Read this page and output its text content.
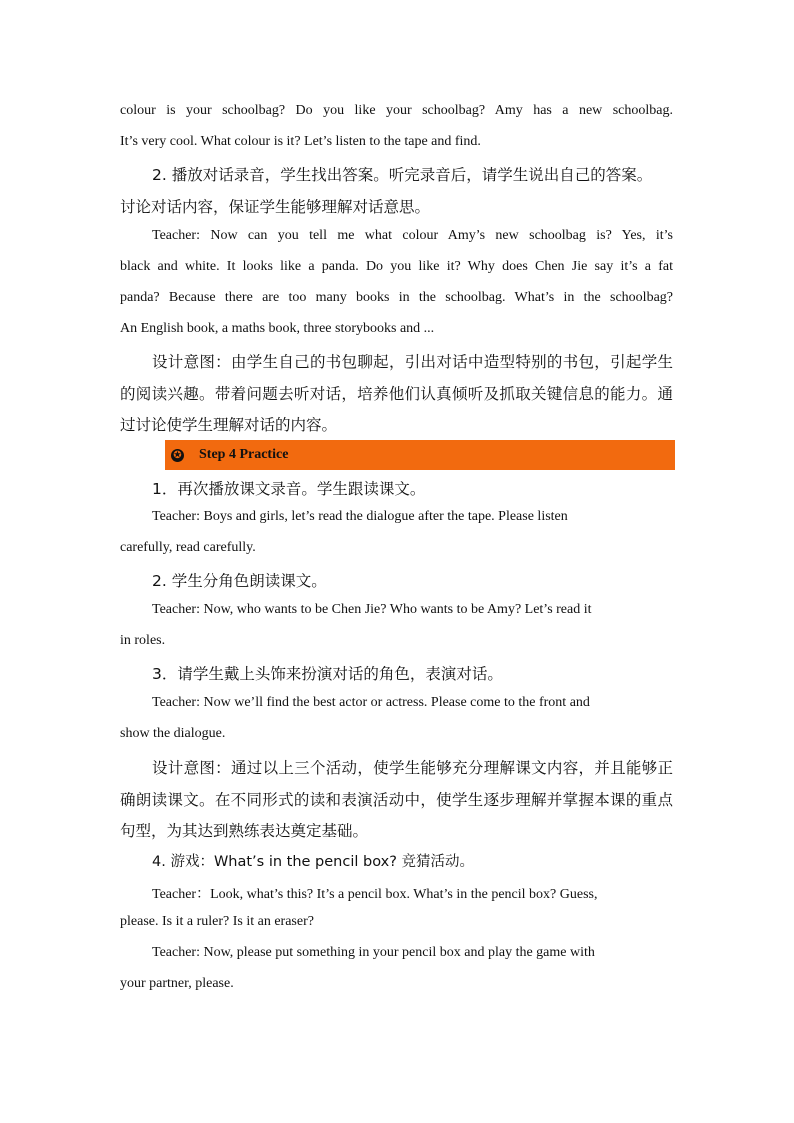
colour is your schoolbag? Do you like your schoolbag? Amy has a new schoolbag.
It’s very cool. What colour is it? Let’s listen to the tape and find.
2. 播放对话录音，学生找出答案。听完录音后，请学生说出自己的答案。
讨论对话内容，保证学生能够理解对话意思。
Teacher: Now can you tell me what colour Amy’s new schoolbag is? Yes, it’s
black and white. It looks like a panda. Do you like it? Why does Chen Jie say it’s a fat
panda? Because there are too many books in the schoolbag. What’s in the schoolbag?
An English book, a maths book, three storybooks and ...
设计意图：由学生自己的书包聊起，引出对话中造型特别的书包，引起学生
的阅读兴趣。带着问题去听对话，培养他们认真倾听及抓取关键信息的能力。通
过讨论使学生理解对话的内容。
✪ Step 4 Practice
1．再次播放课文录音。学生跟读课文。
Teacher: Boys and girls, let’s read the dialogue after the tape. Please listen
carefully, read carefully.
2. 学生分角色朗读课文。
Teacher: Now, who wants to be Chen Jie? Who wants to be Amy? Let’s read it
in roles.
3．请学生戴上头饰来扮演对话的角色，表演对话。
Teacher: Now we’ll find the best actor or actress. Please come to the front and
show the dialogue.
设计意图：通过以上三个活动，使学生能够充分理解课文内容，并且能够正
确朗读课文。在不同形式的读和表演活动中，使学生逐步理解并掌握本课的重点
句型，为其达到熟练表达奠定基础。
4. 游戏：What’s in the pencil box? 竞猜活动。
Teacher：Look, what’s this? It’s a pencil box. What’s in the pencil box? Guess,
please. Is it a ruler? Is it an eraser?
Teacher: Now, please put something in your pencil box and play the game with
your partner, please.
